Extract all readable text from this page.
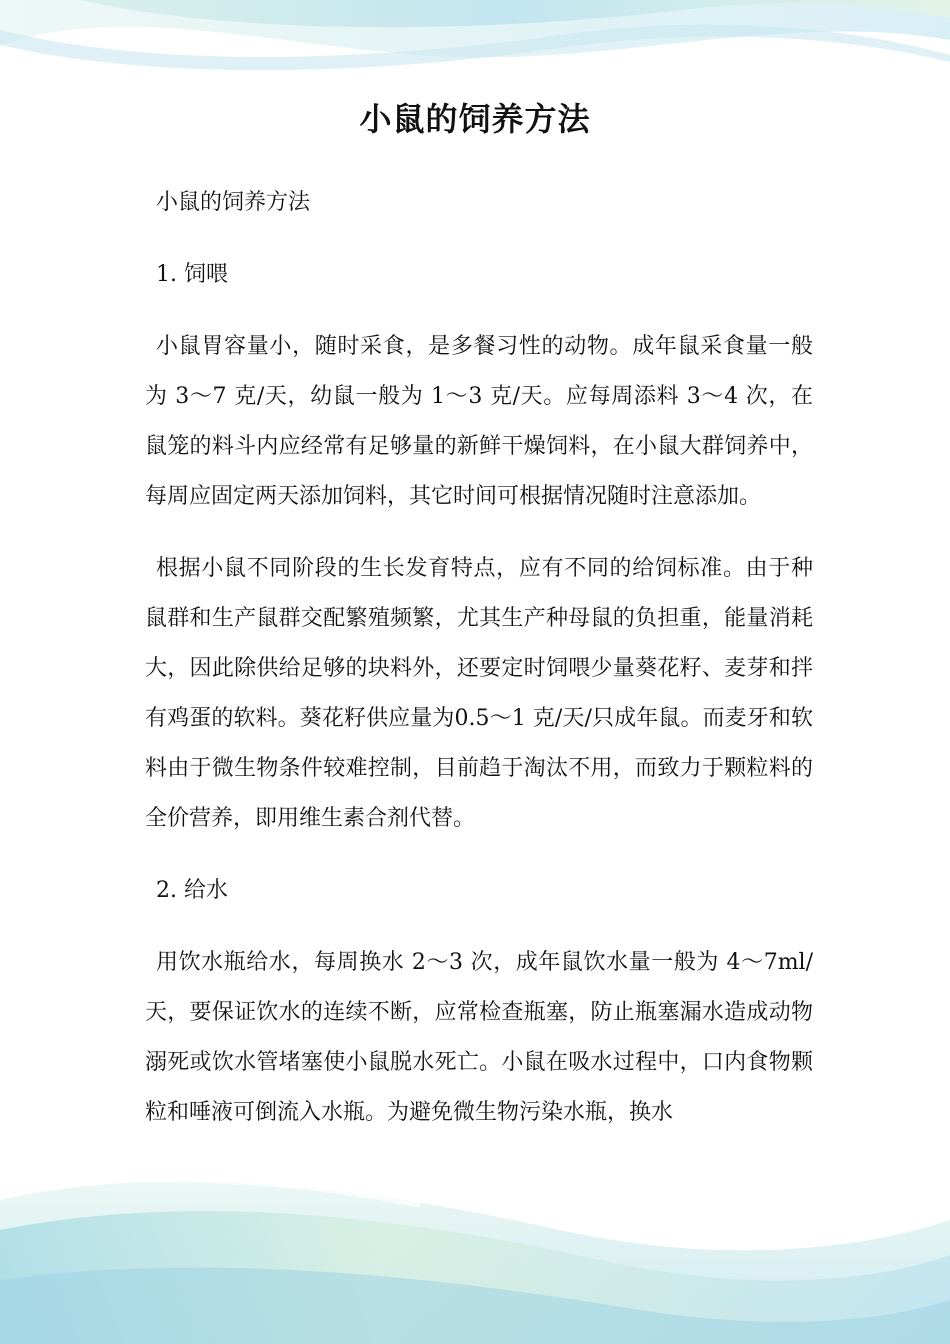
小鼠的饲养方法

小鼠的饲养方法

1. 饲喂

小鼠胃容量小，随时采食，是多餐习性的动物。成年鼠采食量一般为 3～7 克/天，幼鼠一般为 1～3 克/天。应每周添料 3～4 次，在鼠笼的料斗内应经常有足够量的新鲜干燥饲料，在小鼠大群饲养中，每周应固定两天添加饲料，其它时间可根据情况随时注意添加。

根据小鼠不同阶段的生长发育特点，应有不同的给饲标准。由于种鼠群和生产鼠群交配繁殖频繁，尤其生产种母鼠的负担重，能量消耗大，因此除供给足够的块料外，还要定时饲喂少量葵花籽、麦芽和拌有鸡蛋的软料。葵花籽供应量为0.5～1 克/天/只成年鼠。而麦牙和软料由于微生物条件较难控制，目前趋于淘汰不用，而致力于颗粒料的全价营养，即用维生素合剂代替。

2. 给水

用饮水瓶给水，每周换水 2～3 次，成年鼠饮水量一般为 4～7ml/天，要保证饮水的连续不断，应常检查瓶塞，防止瓶塞漏水造成动物溺死或饮水管堵塞使小鼠脱水死亡。小鼠在吸水过程中，口内食物颗粒和唾液可倒流入水瓶。为避免微生物污染水瓶，换水
